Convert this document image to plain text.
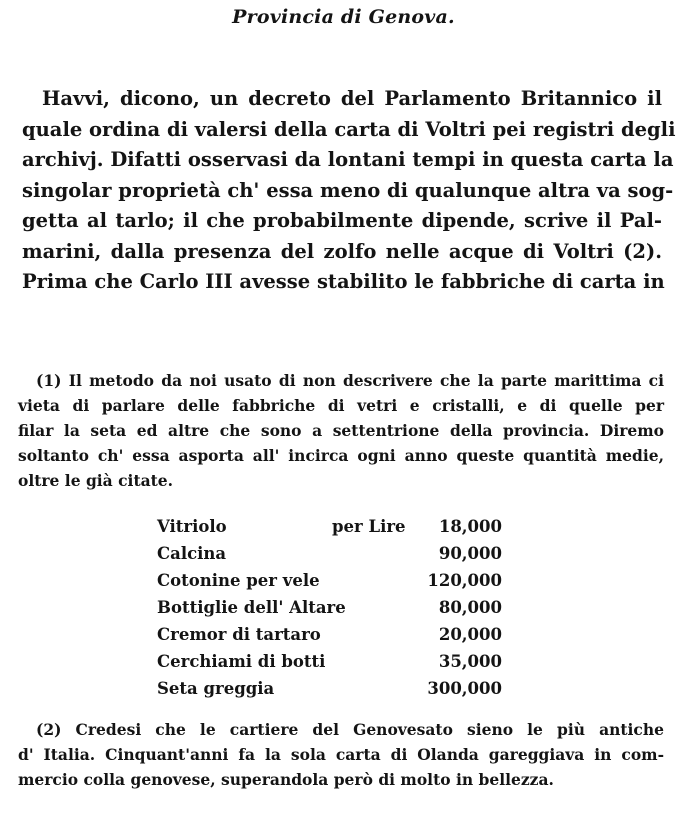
Provincia di Genova.
Havvi, dicono, un decreto del Parlamento Britannico il
quale ordina di valersi della carta di Voltri pei registri degli
archivj. Difatti osservasi da lontani tempi in questa carta la
singolar proprietà ch' essa meno di qualunque altra va sog-
getta al tarlo; il che probabilmente dipende, scrive il Pal-
marini, dalla presenza del zolfo nelle acque di Voltri (2).
Prima che Carlo III avesse stabilito le fabbriche di carta in
(1) Il metodo da noi usato di non descrivere che la parte marittima ci
vieta di parlare delle fabbriche di vetri e cristalli, e di quelle per
filar la seta ed altre che sono a settentrione della provincia. Diremo
soltanto ch' essa asporta all' incirca ogni anno queste quantità medie,
oltre le già citate.
Vitriolo	per Lire 18,000
Calcina	90,000
Cotonine per vele	120,000
Bottiglie dell' Altare	80,000
Cremor di tartaro	20,000
Cerchiami di botti	35,000
Seta greggia	300,000
(2) Credesi che le cartiere del Genovesato sieno le più antiche
d' Italia. Cinquant'anni fa la sola carta di Olanda gareggiava in com-
mercio colla genovese, superandola però di molto in bellezza.
